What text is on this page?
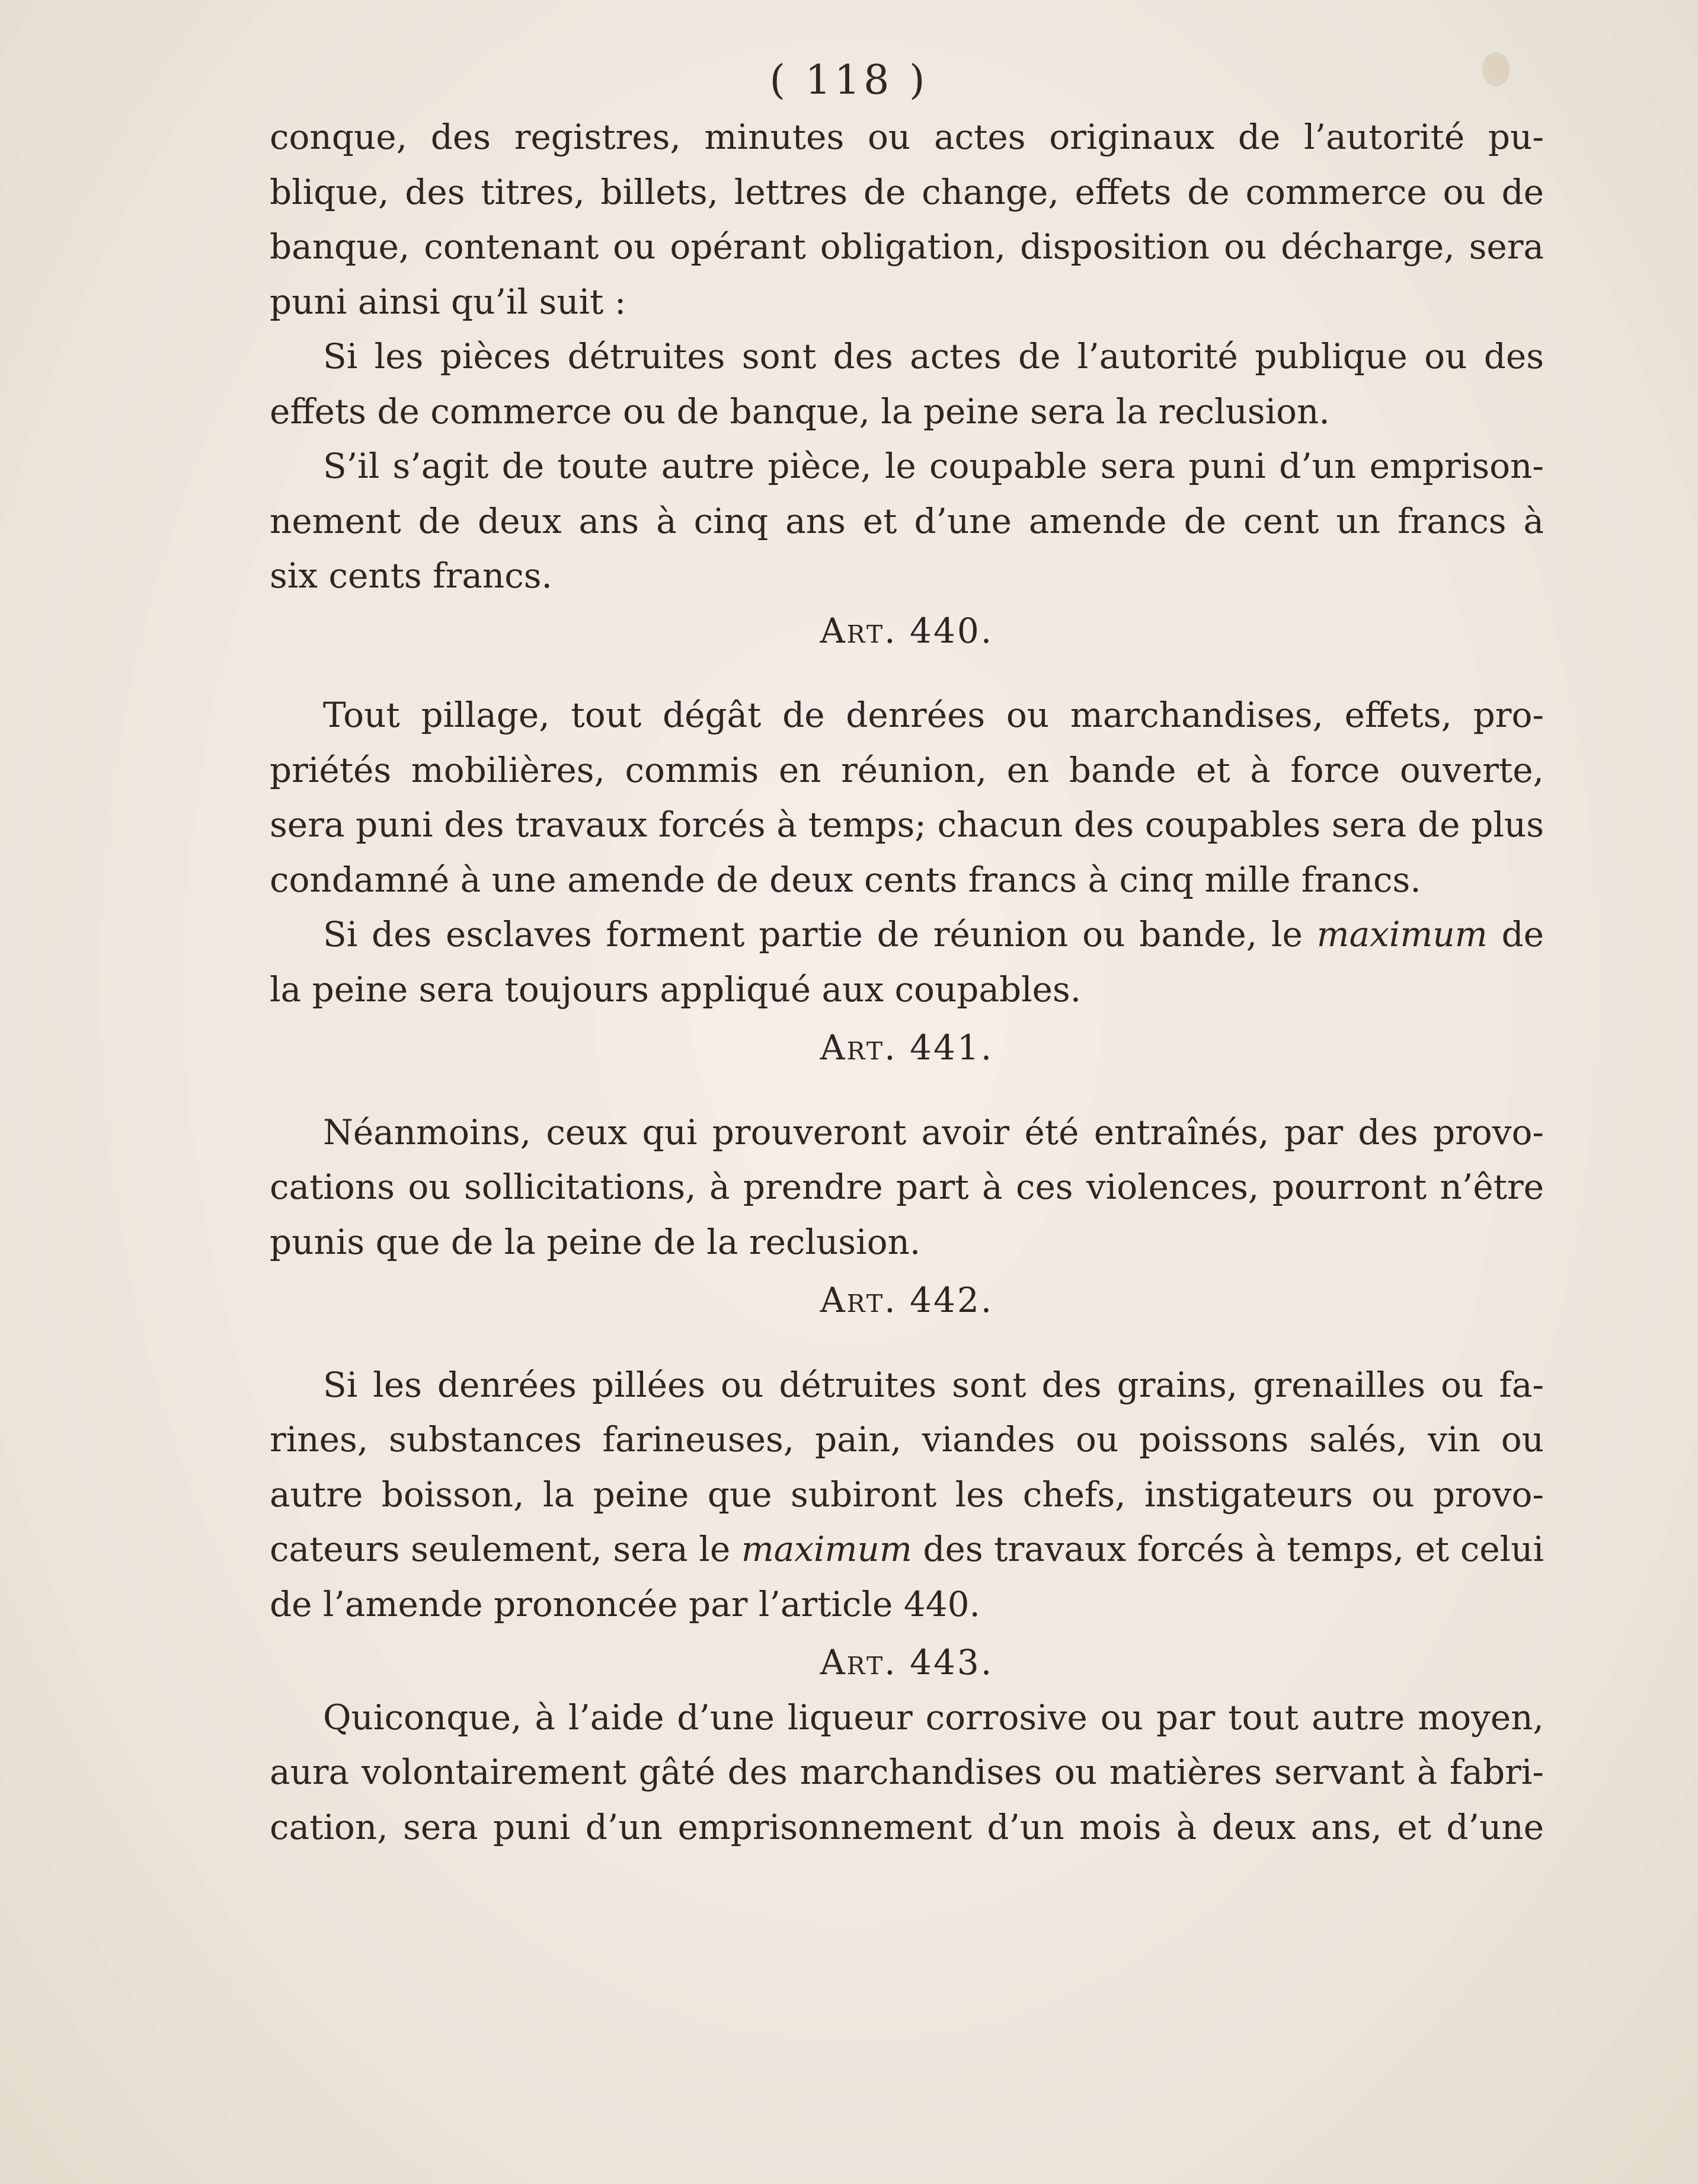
( 118 )
conque, des registres, minutes ou actes originaux de l’autorité pu-
blique, des titres, billets, lettres de change, effets de commerce ou de
banque, contenant ou opérant obligation, disposition ou décharge, sera
puni ainsi qu’il suit :
Si les pièces détruites sont des actes de l’autorité publique ou des
effets de commerce ou de banque, la peine sera la reclusion.
S’il s’agit de toute autre pièce, le coupable sera puni d’un emprison-
nement de deux ans à cinq ans et d’une amende de cent un francs à
six cents francs.
Art. 440.
Tout pillage, tout dégât de denrées ou marchandises, effets, pro-
priétés mobilières, commis en réunion, en bande et à force ouverte,
sera puni des travaux forcés à temps; chacun des coupables sera de plus
condamné à une amende de deux cents francs à cinq mille francs.
Si des esclaves forment partie de réunion ou bande, le maximum de
la peine sera toujours appliqué aux coupables.
Art. 441.
Néanmoins, ceux qui prouveront avoir été entraînés, par des provo-
cations ou sollicitations, à prendre part à ces violences, pourront n’être
punis que de la peine de la reclusion.
Art. 442.
Si les denrées pillées ou détruites sont des grains, grenailles ou fa-
rines, substances farineuses, pain, viandes ou poissons salés, vin ou
autre boisson, la peine que subiront les chefs, instigateurs ou provo-
cateurs seulement, sera le maximum des travaux forcés à temps, et celui
de l’amende prononcée par l’article 440.
Art. 443.
Quiconque, à l’aide d’une liqueur corrosive ou par tout autre moyen,
aura volontairement gâté des marchandises ou matières servant à fabri-
cation, sera puni d’un emprisonnement d’un mois à deux ans, et d’une
